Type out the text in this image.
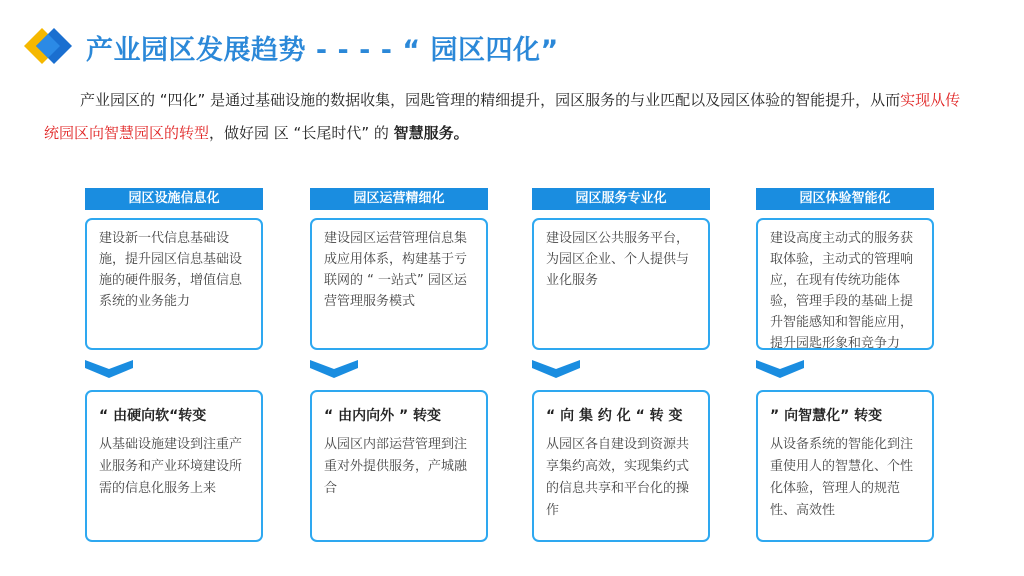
产业园区发展趋势 - - - - “ 园区四化”
产业园区的 “四化” 是通过基础设施的数据收集，园匙管理的精细提升，园区服务的与业匹配以及园区体验的智能提升，从而实现从传统园区向智慧园区的转型，做好园 区 “长尾时代” 的 智慧服务。
园区设施信息化
建设新一代信息基础设施，提升园区信息基础设施的硬件服务，增值信息系统的业务能力
“ 由硬向软“转变
从基础设施建设到注重产业服务和产业环境建设所需的信息化服务上来
园区运营精细化
建设园区运营管理信息集成应用体系，构建基于亏联网的 “ 一站式” 园区运营管理服务模式
“ 由内向外 ” 转变
从园区内部运营管理到注重对外提供服务，产城融合
园区服务专业化
建设园区公共服务平台，为园区企业、个人提供与业化服务
“ 向 集 约 化 “ 转 变
从园区各自建设到资源共享集约高效，实现集约式的信息共享和平台化的操作
园区体验智能化
建设高度主动式的服务获取体验，主动式的管理响应，在现有传统功能体验，管理手段的基础上提升智能感知和智能应用，提升园匙形象和竞争力
” 向智慧化” 转变
从设备系统的智能化到注重使用人的智慧化、个性化体验，管理人的规范性、高效性
